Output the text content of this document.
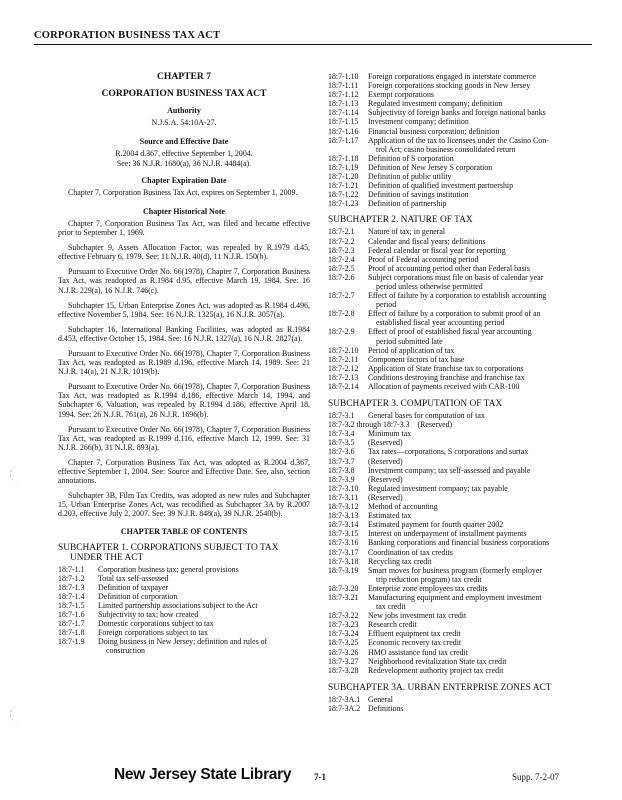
CORPORATION BUSINESS TAX ACT
CHAPTER 7
CORPORATION BUSINESS TAX ACT
Authority
N.J.S.A. 54:10A-27.
Source and Effective Date
R.2004 d.367, effective September 1, 2004.
See: 36 N.J.R. 1680(a), 36 N.J.R. 4484(a).
Chapter Expiration Date
Chapter 7, Corporation Business Tax Act, expires on September 1, 2009.
Chapter Historical Note
Chapter 7, Corporation Business Tax Act, was filed and became effective prior to September 1, 1969.
Subchapter 9, Assets Allocation Factor, was repealed by R.1979 d.45, effective February 6, 1979. See: 11 N.J.R. 40(d), 11 N.J.R. 150(b).
Pursuant to Executive Order No. 66(1978), Chapter 7, Corporation Business Tax Act, was readopted as R.1984 d.95, effective March 19, 1984. See: 16 N.J.R. 229(a), 16 N.J.R. 746(c).
Subchapter 15, Urban Enterprise Zones Act, was adopted as R.1984 d.496, effective November 5, 1984. See: 16 N.J.R. 1325(a), 16 N.J.R. 3057(a).
Subchapter 16, International Banking Facilities, was adopted as R.1984 d.453, effective October 15, 1984. See: 16 N.J.R. 1327(a), 16 N.J.R. 2827(a).
Pursuant to Executive Order No. 66(1978), Chapter 7, Corporation Business Tax Act, was readopted as R.1989 d.196, effective March 14, 1989. See: 21 N.J.R. 14(a), 21 N.J.R. 1019(b).
Pursuant to Executive Order No. 66(1978), Chapter 7, Corporation Business Tax Act, was readopted as R.1994 d.186, effective March 14, 1994, and Subchapter 6, Valuation, was repealed by R.1994 d.186, effective April 18, 1994. See: 26 N.J.R. 761(a), 26 N.J.R. 1696(b).
Pursuant to Executive Order No. 66(1978), Chapter 7, Corporation Business Tax Act, was readopted as R.1999 d.116, effective March 12, 1999. See: 31 N.J.R. 266(b), 31 N.J.R. 893(a).
Chapter 7, Corporation Business Tax Act, was adopted as R.2004 d.367, effective September 1, 2004. See: Source and Effective Date. See, also, section annotations.
Subchapter 3B, Film Tax Credits, was adopted as new rules and Subchapter 15, Urban Enterprise Zones Act, was recodified as Subchapter 3A by R.2007 d.203, effective July 2, 2007. See: 39 N.J.R. 848(a), 39 N.J.R. 2540(b).
CHAPTER TABLE OF CONTENTS
SUBCHAPTER 1. CORPORATIONS SUBJECT TO TAX
UNDER THE ACT
18:7-1.1	Corporation business tax; general provisions
18:7-1.2	Total tax self-assessed
18:7-1.3	Definition of taxpayer
18:7-1.4	Definition of corporation
18:7-1.5	Limited partnership associations subject to the Act
18:7-1.6	Subjectivity to tax; how created
18:7-1.7	Domestic corporations subject to tax
18:7-1.8	Foreign corporations subject to tax
18:7-1.9	Doing business in New Jersey; definition and rules of
construction
18:7-1.10	Foreign corporations engaged in interstate commerce
18:7-1.11	Foreign corporations stocking goods in New Jersey
18:7-1.12	Exempt corporations
18:7-1.13	Regulated investment company; definition
18:7-1.14	Subjectivity of foreign banks and foreign national banks
18:7-1.15	Investment company; definition
18:7-1.16	Financial business corporation; definition
18:7-1.17	Application of the tax to licensees under the Casino Con-
trol Act; casino business consolidated return
18:7-1.18	Definition of S corporation
18:7-1.19	Definition of New Jersey S corporation
18:7-1.20	Definition of public utility
18:7-1.21	Definition of qualified investment partnership
18:7-1.22	Definition of savings institution
18:7-1.23	Definition of partnership
SUBCHAPTER 2. NATURE OF TAX
18:7-2.1	Nature of tax; in general
18:7-2.2	Calendar and fiscal years; definitions
18:7-2.3	Federal calendar or fiscal year for reporting
18:7-2.4	Proof of Federal accounting period
18:7-2.5	Proof of accounting period other than Federal basis
18:7-2.6	Subject corporations must file on basis of calendar year
period unless otherwise permitted
18:7-2.7	Effect of failure by a corporation to establish accounting
period
18:7-2.8	Effect of failure by a corporation to submit proof of an
established fiscal year accounting period
18:7-2.9	Effect of proof of established fiscal year accounting
period submitted late
18:7-2.10	Period of application of tax
18:7-2.11	Component factors of tax base
18:7-2.12	Application of State franchise tax to corporations
18:7-2.13	Conditions destroying franchise and franchise tax
18:7-2.14	Allocation of payments received with CAR-100
SUBCHAPTER 3. COMPUTATION OF TAX
18:7-3.1	General bases for computation of tax
18:7-3.2 through 18:7-3.3	(Reserved)
18:7-3.4	Minimum tax
18:7-3.5	(Reserved)
18:7-3.6	Tax rates—corporations, S corporations and surtax
18:7-3.7	(Reserved)
18:7-3.8	Investment company; tax self-assessed and payable
18:7-3.9	(Reserved)
18:7-3.10	Regulated investment company; tax payable
18:7-3.11	(Reserved)
18:7-3.12	Method of accounting
18:7-3.13	Estimated tax
18:7-3.14	Estimated payment for fourth quarter 2002
18:7-3.15	Interest on underpayment of installment payments
18:7-3.16	Banking corporations and financial business corporations
18:7-3.17	Coordination of tax credits
18:7-3.18	Recycling tax credit
18:7-3.19	Smart moves for business program (formerly employer
trip reduction program) tax credit
18:7-3.20	Enterprise zone employees tax credits
18:7-3.21	Manufacturing equipment and employment investment
tax credit
18:7-3.22	New jobs investment tax credit
18:7-3.23	Research credit
18:7-3.24	Effluent equipment tax credit
18:7-3.25	Economic recovery tax credit
18:7-3.26	HMO assistance fund tax credit
18:7-3.27	Neighborhood revitalization State tax credit
18:7-3.28	Redevelopment authority project tax credit
SUBCHAPTER 3A. URBAN ENTERPRISE ZONES ACT
18:7-3A.1 General
18:7-3A.2 Definitions
New Jersey State Library	7-1	Supp. 7-2-07
